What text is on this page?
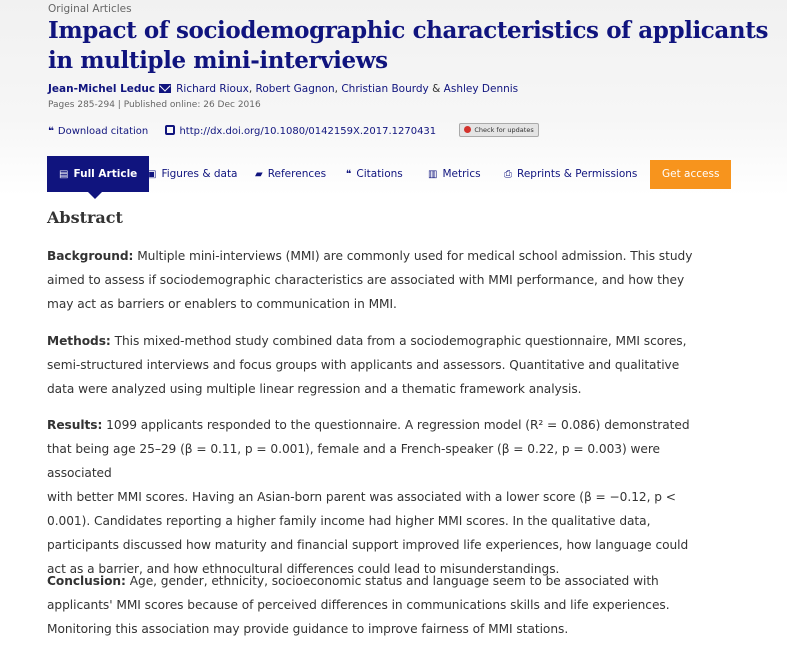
Original Articles
Impact of sociodemographic characteristics of applicants
in multiple mini-interviews
Jean-Michel Leduc Richard Rioux, Robert Gagnon, Christian Bourdy & Ashley Dennis
Pages 285-294 | Published online: 26 Dec 2016
❝ Download citation	http://dx.doi.org/10.1080/0142159X.2017.1270431	Check for updates
▤ Full Article ▣ Figures & data ▰ References ❝ Citations	▥ Metrics ⎙ Reprints & Permissions	Get access
Abstract
Background: Multiple mini-interviews (MMI) are commonly used for medical school admission. This study
aimed to assess if sociodemographic characteristics are associated with MMI performance, and how they
may act as barriers or enablers to communication in MMI.
Methods: This mixed-method study combined data from a sociodemographic questionnaire, MMI scores,
semi-structured interviews and focus groups with applicants and assessors. Quantitative and qualitative
data were analyzed using multiple linear regression and a thematic framework analysis.
Results: 1099 applicants responded to the questionnaire. A regression model (R² = 0.086) demonstrated
that being age 25–29 (β = 0.11, p = 0.001), female and a French-speaker (β = 0.22, p = 0.003) were associated
with better MMI scores. Having an Asian-born parent was associated with a lower score (β = −0.12, p <
0.001). Candidates reporting a higher family income had higher MMI scores. In the qualitative data,
participants discussed how maturity and financial support improved life experiences, how language could
act as a barrier, and how ethnocultural differences could lead to misunderstandings.
Conclusion: Age, gender, ethnicity, socioeconomic status and language seem to be associated with
applicants' MMI scores because of perceived differences in communications skills and life experiences.
Monitoring this association may provide guidance to improve fairness of MMI stations.
